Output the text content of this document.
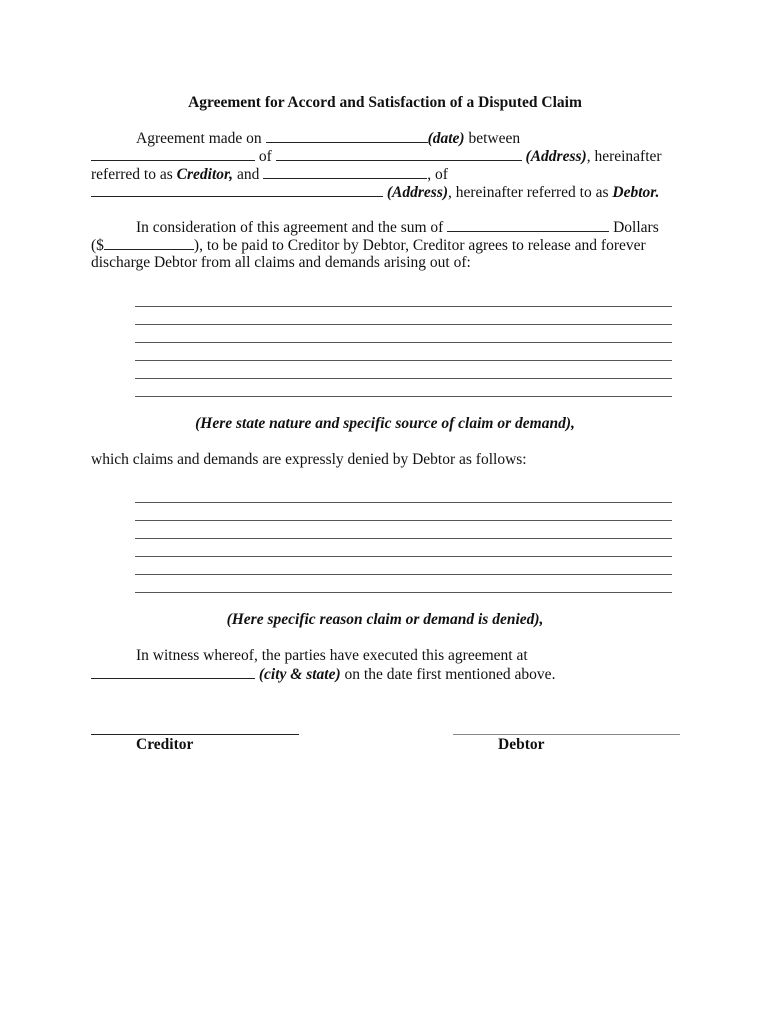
Agreement for Accord and Satisfaction of a Disputed Claim
Agreement made on	(date) between
of	(Address), hereinafter
referred to as Creditor, and	, of
(Address), hereinafter referred to as Debtor.
In consideration of this agreement and the sum of	Dollars
($	), to be paid to Creditor by Debtor, Creditor agrees to release and forever
discharge Debtor from all claims and demands arising out of:
(Here state nature and specific source of claim or demand),
which claims and demands are expressly denied by Debtor as follows:
(Here specific reason claim or demand is denied),
In witness whereof, the parties have executed this agreement at
(city & state) on the date first mentioned above.
Creditor	Debtor
